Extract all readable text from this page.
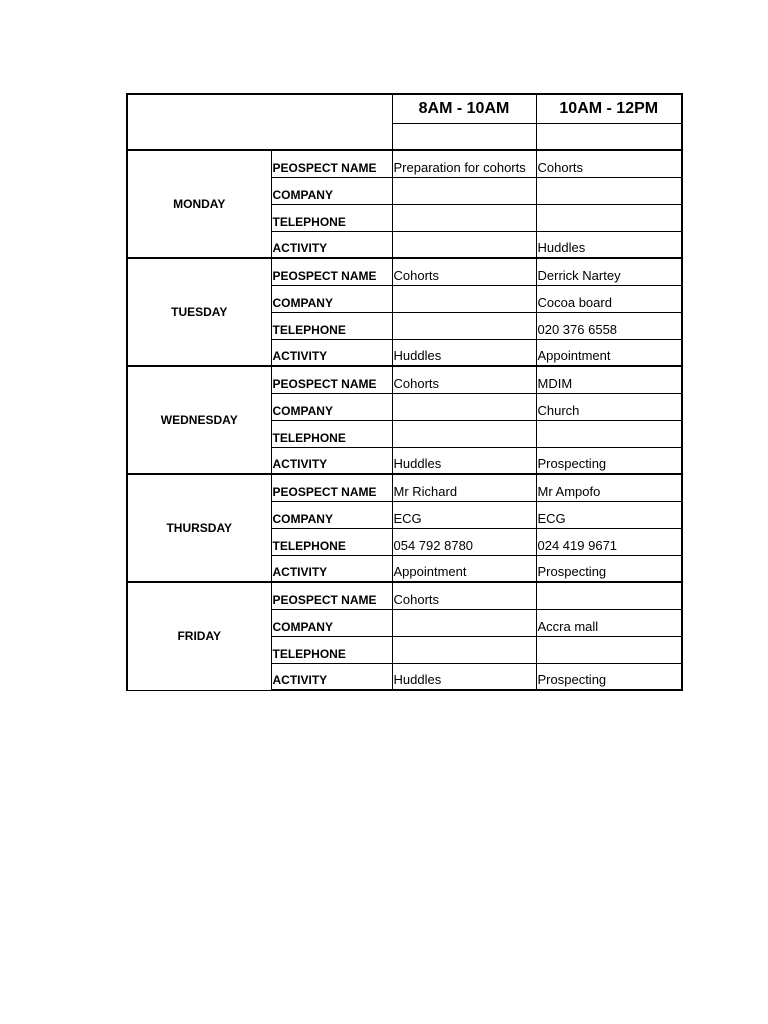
		8AM - 10AM	10AM - 12PM

MONDAY	PEOSPECT NAME	Preparation for cohorts	Cohorts
	COMPANY		
	TELEPHONE		
	ACTIVITY		Huddles
TUESDAY	PEOSPECT NAME	Cohorts	Derrick Nartey
	COMPANY		Cocoa board
	TELEPHONE		020 376 6558
	ACTIVITY	Huddles	Appointment
WEDNESDAY	PEOSPECT NAME	Cohorts	MDIM
	COMPANY		Church
	TELEPHONE		
	ACTIVITY	Huddles	Prospecting
THURSDAY	PEOSPECT NAME	Mr Richard	Mr Ampofo
	COMPANY	ECG	ECG
	TELEPHONE	054 792 8780	024 419 9671
	ACTIVITY	Appointment	Prospecting
FRIDAY	PEOSPECT NAME	Cohorts	
	COMPANY		Accra mall
	TELEPHONE		
	ACTIVITY	Huddles	Prospecting
